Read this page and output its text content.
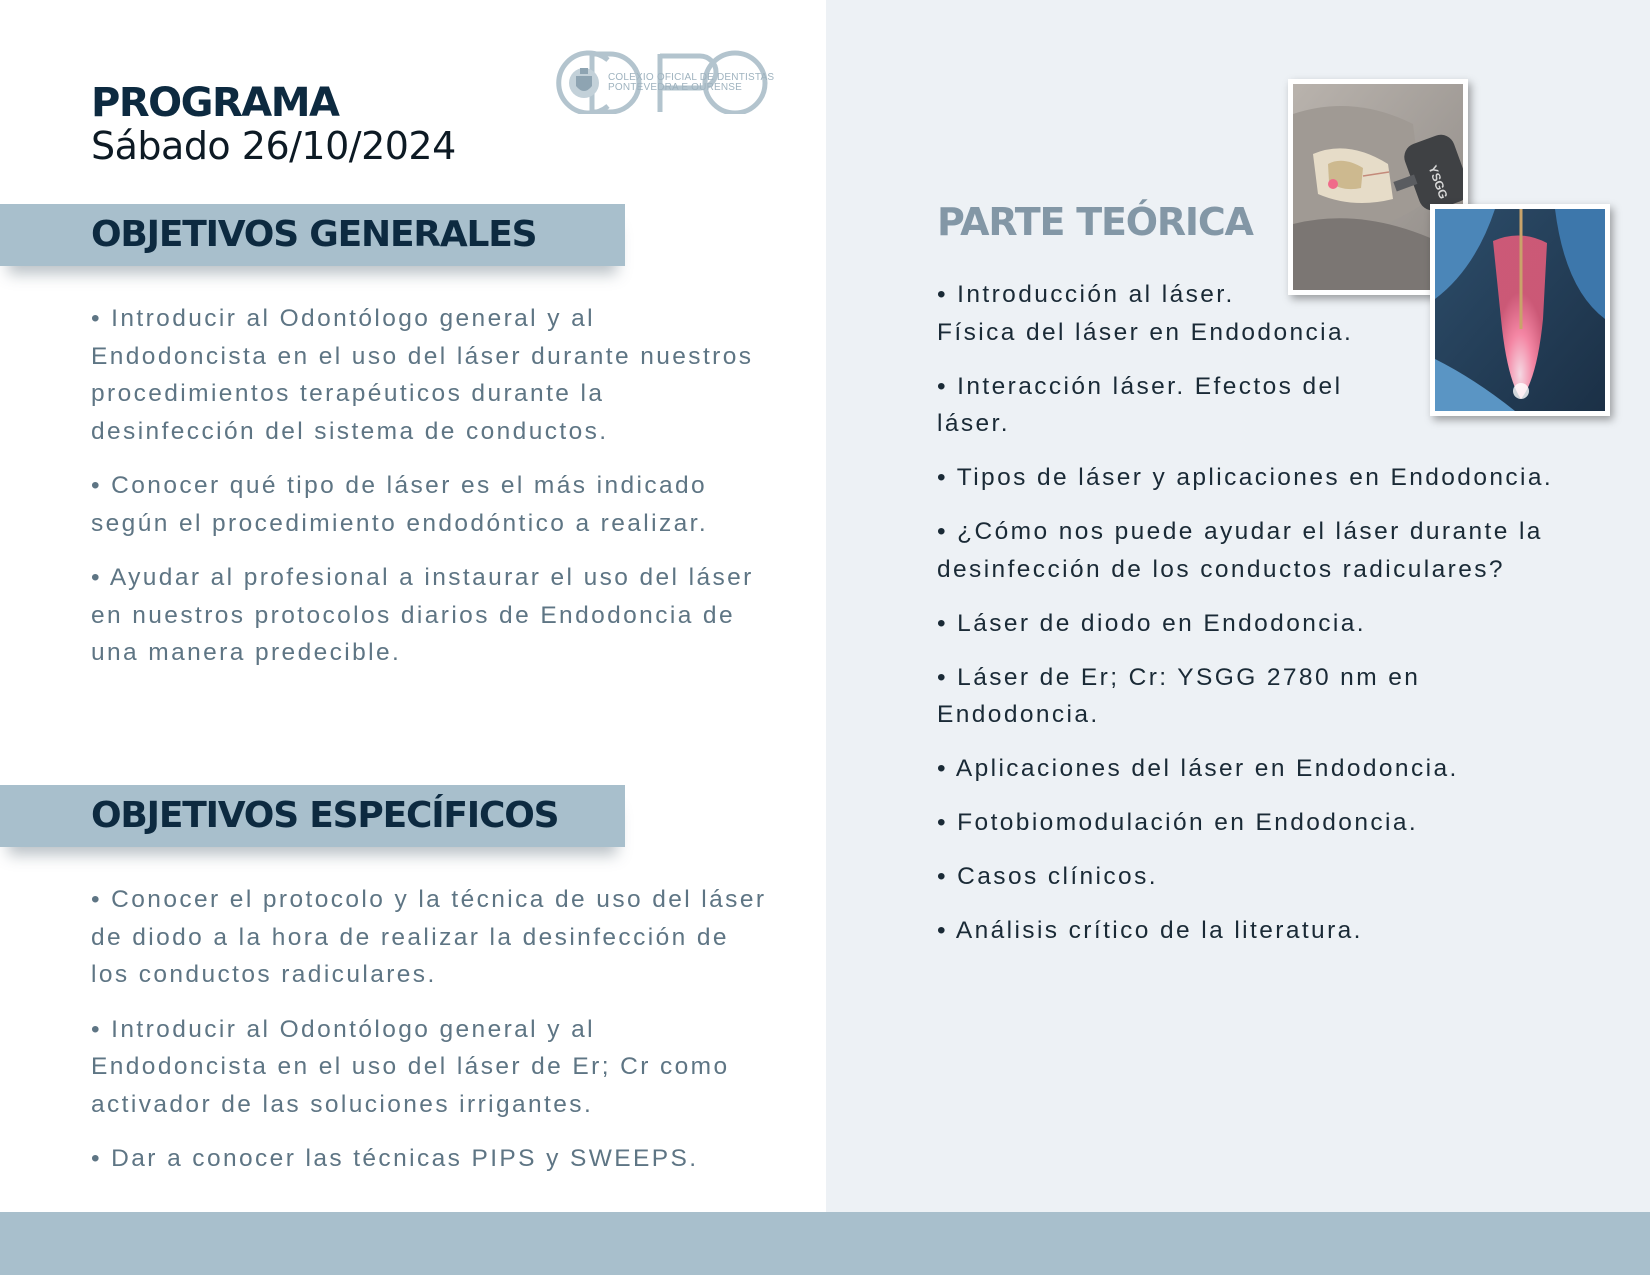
PROGRAMA
Sábado 26/10/2024
COLEXIO OFICIAL DE DENTISTAS
PONTEVEDRA E OURENSE
OBJETIVOS GENERALES
• Introducir al Odontólogo general y al Endodoncista en el uso del láser durante nuestros procedimientos terapéuticos durante la desinfección del sistema de conductos.
• Conocer qué tipo de láser es el más indicado según el procedimiento endodóntico a realizar.
• Ayudar al profesional a instaurar el uso del láser en nuestros protocolos diarios de Endodoncia de una manera predecible.
OBJETIVOS ESPECÍFICOS
• Conocer el protocolo y la técnica de uso del láser de diodo a la hora de realizar la desinfección de los conductos radiculares.
• Introducir al Odontólogo general y al Endodoncista en el uso del láser de Er; Cr como activador de las soluciones irrigantes.
• Dar a conocer las técnicas PIPS y SWEEPS.
PARTE TEÓRICA
• Introducción al láser.
Física del láser en Endodoncia.
• Interacción láser. Efectos del láser.
• Tipos de láser y aplicaciones en Endodoncia.
• ¿Cómo nos puede ayudar el láser durante la desinfección de los conductos radiculares?
• Láser de diodo en Endodoncia.
• Láser de Er; Cr: YSGG 2780 nm en Endodoncia.
• Aplicaciones del láser en Endodoncia.
• Fotobiomodulación en Endodoncia.
• Casos clínicos.
• Análisis crítico de la literatura.
YSGG
